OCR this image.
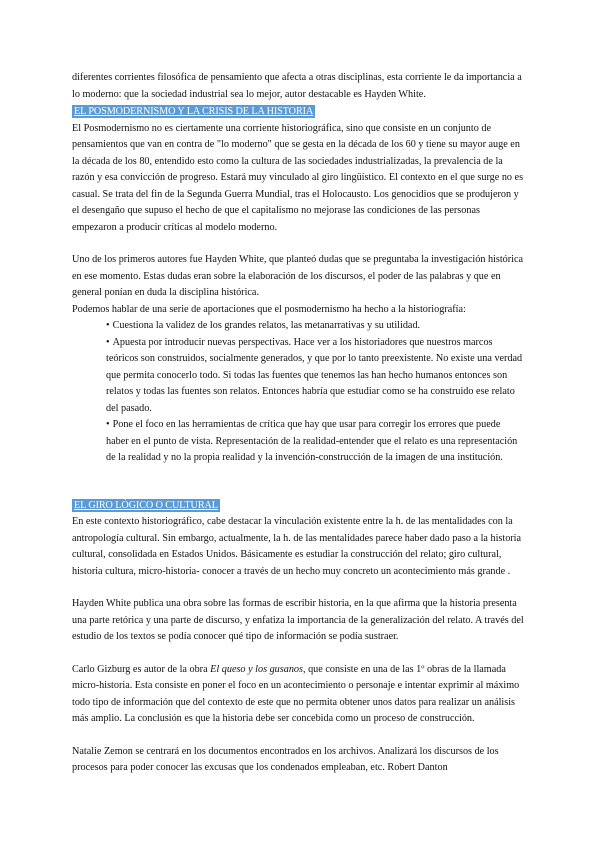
diferentes corrientes filosófica de pensamiento que afecta a otras disciplinas, esta corriente le da importancia a lo moderno: que la sociedad industrial sea lo mejor, autor destacable es Hayden White.

EL POSMODERNISMO Y LA CRISIS DE LA HISTORIA

El Posmodernismo no es ciertamente una corriente historiográfica, sino que consiste en un conjunto de pensamientos que van en contra de "lo moderno" que se gesta en la década de los 60 y tiene su mayor auge en la década de los 80, entendido esto como la cultura de las sociedades industrializadas, la prevalencia de la razón y esa convicción de progreso. Estará muy vinculado al giro lingüístico. El contexto en el que surge no es casual. Se trata del fin de la Segunda Guerra Mundial, tras el Holocausto. Los genocidios que se produjeron y el desengaño que supuso el hecho de que el capitalismo no mejorase las condiciones de las personas empezaron a producir críticas al modelo moderno.

Uno de los primeros autores fue Hayden White, que planteó dudas que se preguntaba la investigación histórica en ese momento. Estas dudas eran sobre la elaboración de los discursos, el poder de las palabras y que en general ponían en duda la disciplina histórica.

Podemos hablar de una serie de aportaciones que el posmodernismo ha hecho a la historiografía:

• Cuestiona la validez de los grandes relatos, las metanarrativas y su utilidad.
• Apuesta por introducir nuevas perspectivas. Hace ver a los historiadores que nuestros marcos teóricos son construidos, socialmente generados, y que por lo tanto preexistente. No existe una verdad que permita conocerlo todo. Si todas las fuentes que tenemos las han hecho humanos entonces son relatos y todas las fuentes son relatos. Entonces habría que estudiar como se ha construido ese relato del pasado.
• Pone el foco en las herramientas de crítica que hay que usar para corregir los errores que puede haber en el punto de vista. Representación de la realidad-entender que el relato es una representación de la realidad y no la propia realidad y la invención-construcción de la imagen de una institución.
EL GIRO LÓGICO O CULTURAL

En este contexto historiográfico, cabe destacar la vinculación existente entre la h. de las mentalidades con la antropología cultural. Sin embargo, actualmente, la h. de las mentalidades parece haber dado paso a la historia cultural, consolidada en Estados Unidos. Básicamente es estudiar la construcción del relato; giro cultural, historia cultura, micro-historia- conocer a través de un hecho muy concreto un acontecimiento más grande .

Hayden White publica una obra sobre las formas de escribir historia, en la que afirma que la historia presenta una parte retórica y una parte de discurso, y enfatiza la importancia de la generalización del relato. A través del estudio de los textos se podía conocer qué tipo de información se podía sustraer.

Carlo Gizburg es autor de la obra El queso y los gusanos, que consiste en una de las 1º obras de la llamada micro-historia. Esta consiste en poner el foco en un acontecimiento o personaje e intentar exprimir al máximo todo tipo de información que del contexto de este que no permita obtener unos datos para realizar un análisis más amplio. La conclusión es que la historia debe ser concebida como un proceso de construcción.

Natalie Zemon se centrará en los documentos encontrados en los archivos. Analizará los discursos de los procesos para poder conocer las excusas que los condenados empleaban, etc. Robert Danton
